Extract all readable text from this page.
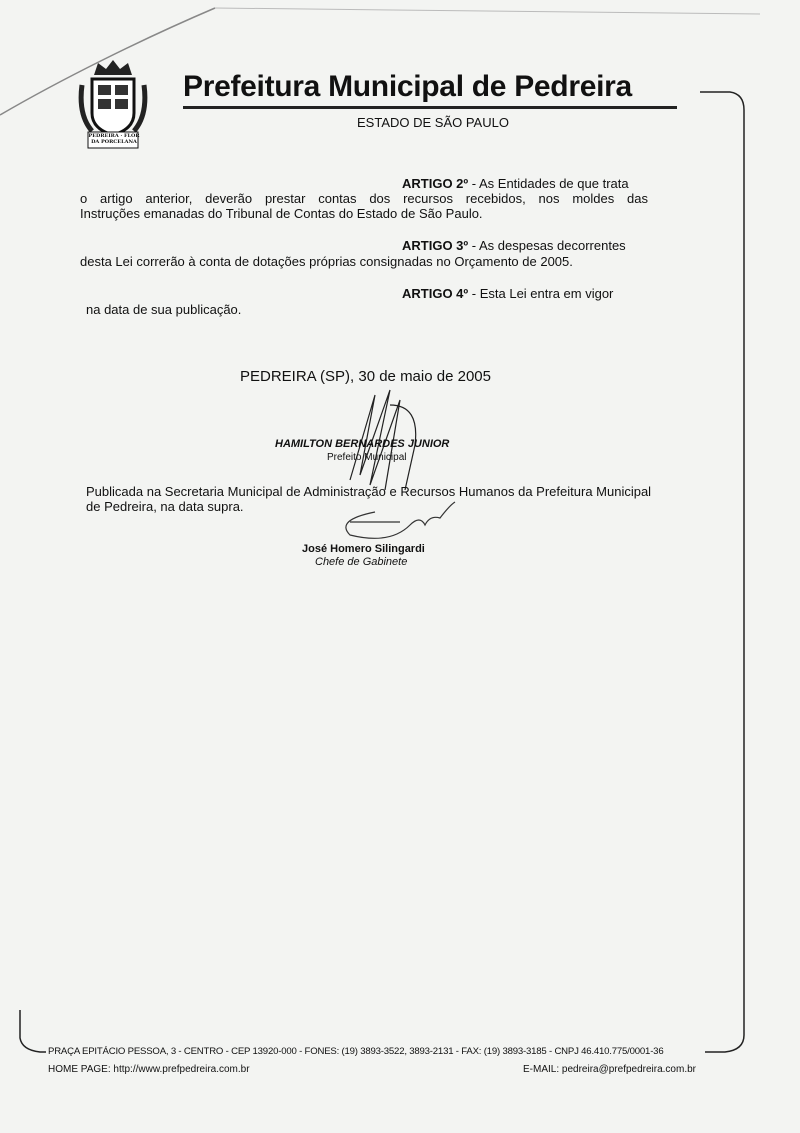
PEDREIRA · FLOR DA PORCELANA
Prefeitura Municipal de Pedreira
ESTADO DE SÃO PAULO
ARTIGO 2º - As Entidades de que trata
o artigo anterior, deverão prestar contas dos recursos recebidos, nos moldes das
Instruções emanadas do Tribunal de Contas do Estado de São Paulo.
ARTIGO 3º - As despesas decorrentes
desta Lei correrão à conta de dotações próprias consignadas no Orçamento de 2005.
ARTIGO 4º - Esta Lei entra em vigor
na data de sua publicação.
PEDREIRA (SP), 30 de maio de 2005
HAMILTON BERNARDES JUNIOR
Prefeito Municipal
Publicada na Secretaria Municipal de Administração e Recursos Humanos da Prefeitura Municipal
de Pedreira, na data supra.
José Homero Silingardi
Chefe de Gabinete
PRAÇA EPITÁCIO PESSOA, 3 - CENTRO - CEP 13920-000 - FONES: (19) 3893-3522, 3893-2131 - FAX: (19) 3893-3185 - CNPJ 46.410.775/0001-36
HOME PAGE: http://www.prefpedreira.com.br	E-MAIL: pedreira@prefpedreira.com.br
